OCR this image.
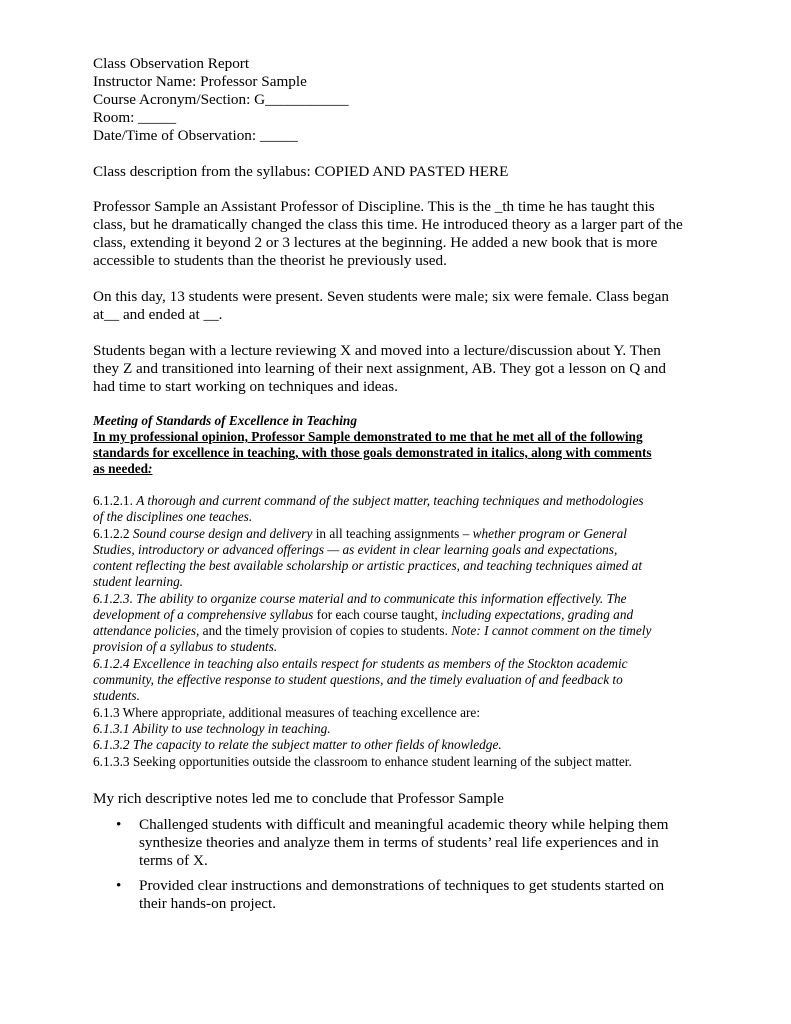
Class Observation Report
Instructor Name: Professor Sample
Course Acronym/Section: G___________
Room: _____
Date/Time of Observation: _____
Class description from the syllabus: COPIED AND PASTED HERE
Professor Sample an Assistant Professor of Discipline. This is the _th time he has taught this
class, but he dramatically changed the class this time. He introduced theory as a larger part of the
class, extending it beyond 2 or 3 lectures at the beginning. He added a new book that is more
accessible to students than the theorist he previously used.
On this day, 13 students were present. Seven students were male; six were female. Class began
at__ and ended at __.
Students began with a lecture reviewing X and moved into a lecture/discussion about Y. Then
they Z and transitioned into learning of their next assignment, AB. They got a lesson on Q and
had time to start working on techniques and ideas.
Meeting of Standards of Excellence in Teaching
In my professional opinion, Professor Sample demonstrated to me that he met all of the following
standards for excellence in teaching, with those goals demonstrated in italics, along with comments
as needed:
6.1.2.1. A thorough and current command of the subject matter, teaching techniques and methodologies
of the disciplines one teaches.
6.1.2.2 Sound course design and delivery in all teaching assignments – whether program or General
Studies, introductory or advanced offerings — as evident in clear learning goals and expectations,
content reflecting the best available scholarship or artistic practices, and teaching techniques aimed at
student learning.
6.1.2.3. The ability to organize course material and to communicate this information effectively. The
development of a comprehensive syllabus for each course taught, including expectations, grading and
attendance policies, and the timely provision of copies to students. Note: I cannot comment on the timely
provision of a syllabus to students.
6.1.2.4 Excellence in teaching also entails respect for students as members of the Stockton academic
community, the effective response to student questions, and the timely evaluation of and feedback to
students.
6.1.3 Where appropriate, additional measures of teaching excellence are:
6.1.3.1 Ability to use technology in teaching.
6.1.3.2 The capacity to relate the subject matter to other fields of knowledge.
6.1.3.3 Seeking opportunities outside the classroom to enhance student learning of the subject matter.
My rich descriptive notes led me to conclude that Professor Sample
• Challenged students with difficult and meaningful academic theory while helping them
synthesize theories and analyze them in terms of students’ real life experiences and in
terms of X.
• Provided clear instructions and demonstrations of techniques to get students started on
their hands-on project.
